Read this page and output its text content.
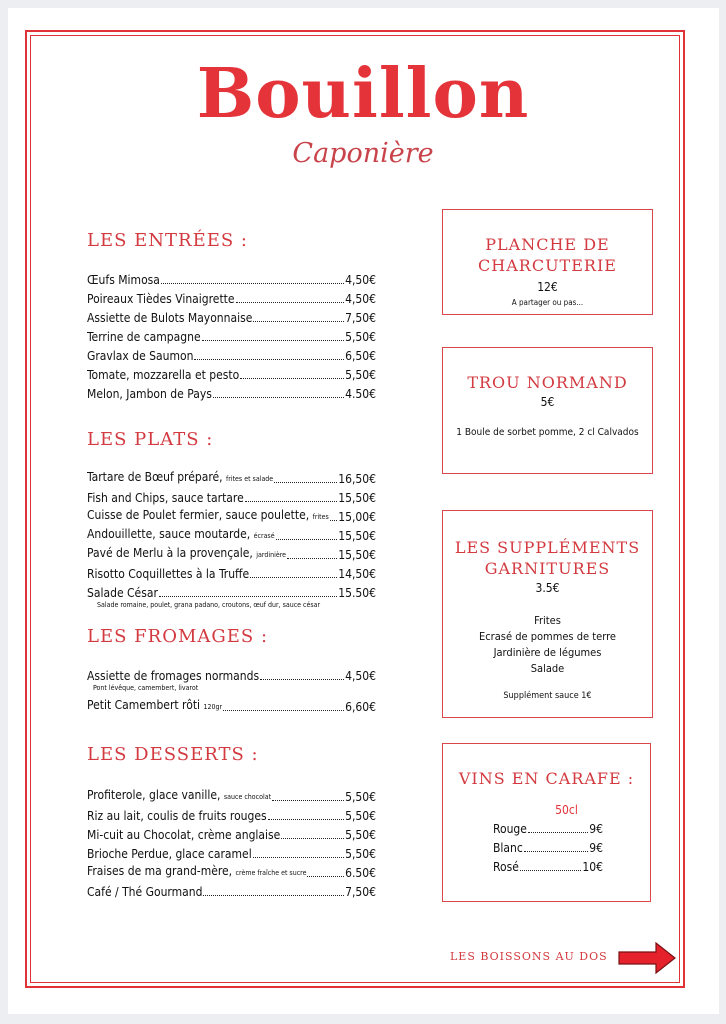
Bouillon
Caponière
LES ENTRÉES :
Œufs Mimosa	4,50€
Poireaux Tièdes Vinaigrette	4,50€
Assiette de Bulots Mayonnaise	7,50€
Terrine de campagne	5,50€
Gravlax de Saumon	6,50€
Tomate, mozzarella et pesto	5,50€
Melon, Jambon de Pays	4.50€
LES PLATS :
Tartare de Bœuf préparé, frites et salade	16,50€
Fish and Chips, sauce tartare	15,50€
Cuisse de Poulet fermier, sauce poulette, frites 15,00€
Andouillette, sauce moutarde, écrasé	15,50€
Pavé de Merlu à la provençale, jardinière	15,50€
Risotto Coquillettes à la Truffe	14,50€
Salade César	15.50€
Salade romaine, poulet, grana padano, croutons, œuf dur, sauce césar
LES FROMAGES :
Assiette de fromages normands	4,50€
Pont lévêque, camembert, livarot
Petit Camembert rôti 120gr	6,60€
LES DESSERTS :
Profiterole, glace vanille, sauce chocolat	5,50€
Riz au lait, coulis de fruits rouges	5,50€
Mi-cuit au Chocolat, crème anglaise	5,50€
Brioche Perdue, glace caramel	5,50€
Fraises de ma grand-mère, crème fraîche et sucre	6.50€
Café / Thé Gourmand	7,50€
PLANCHE DE CHARCUTERIE
12€
A partager ou pas...
TROU NORMAND
5€
1 Boule de sorbet pomme, 2 cl Calvados
LES SUPPLÉMENTS GARNITURES
3.5€
Frites
Ecrasé de pommes de terre
Jardinière de légumes
Salade
Supplément sauce 1€
VINS EN CARAFE :
50cl
Rouge	9€
Blanc	9€
Rosé	10€
LES BOISSONS AU DOS
